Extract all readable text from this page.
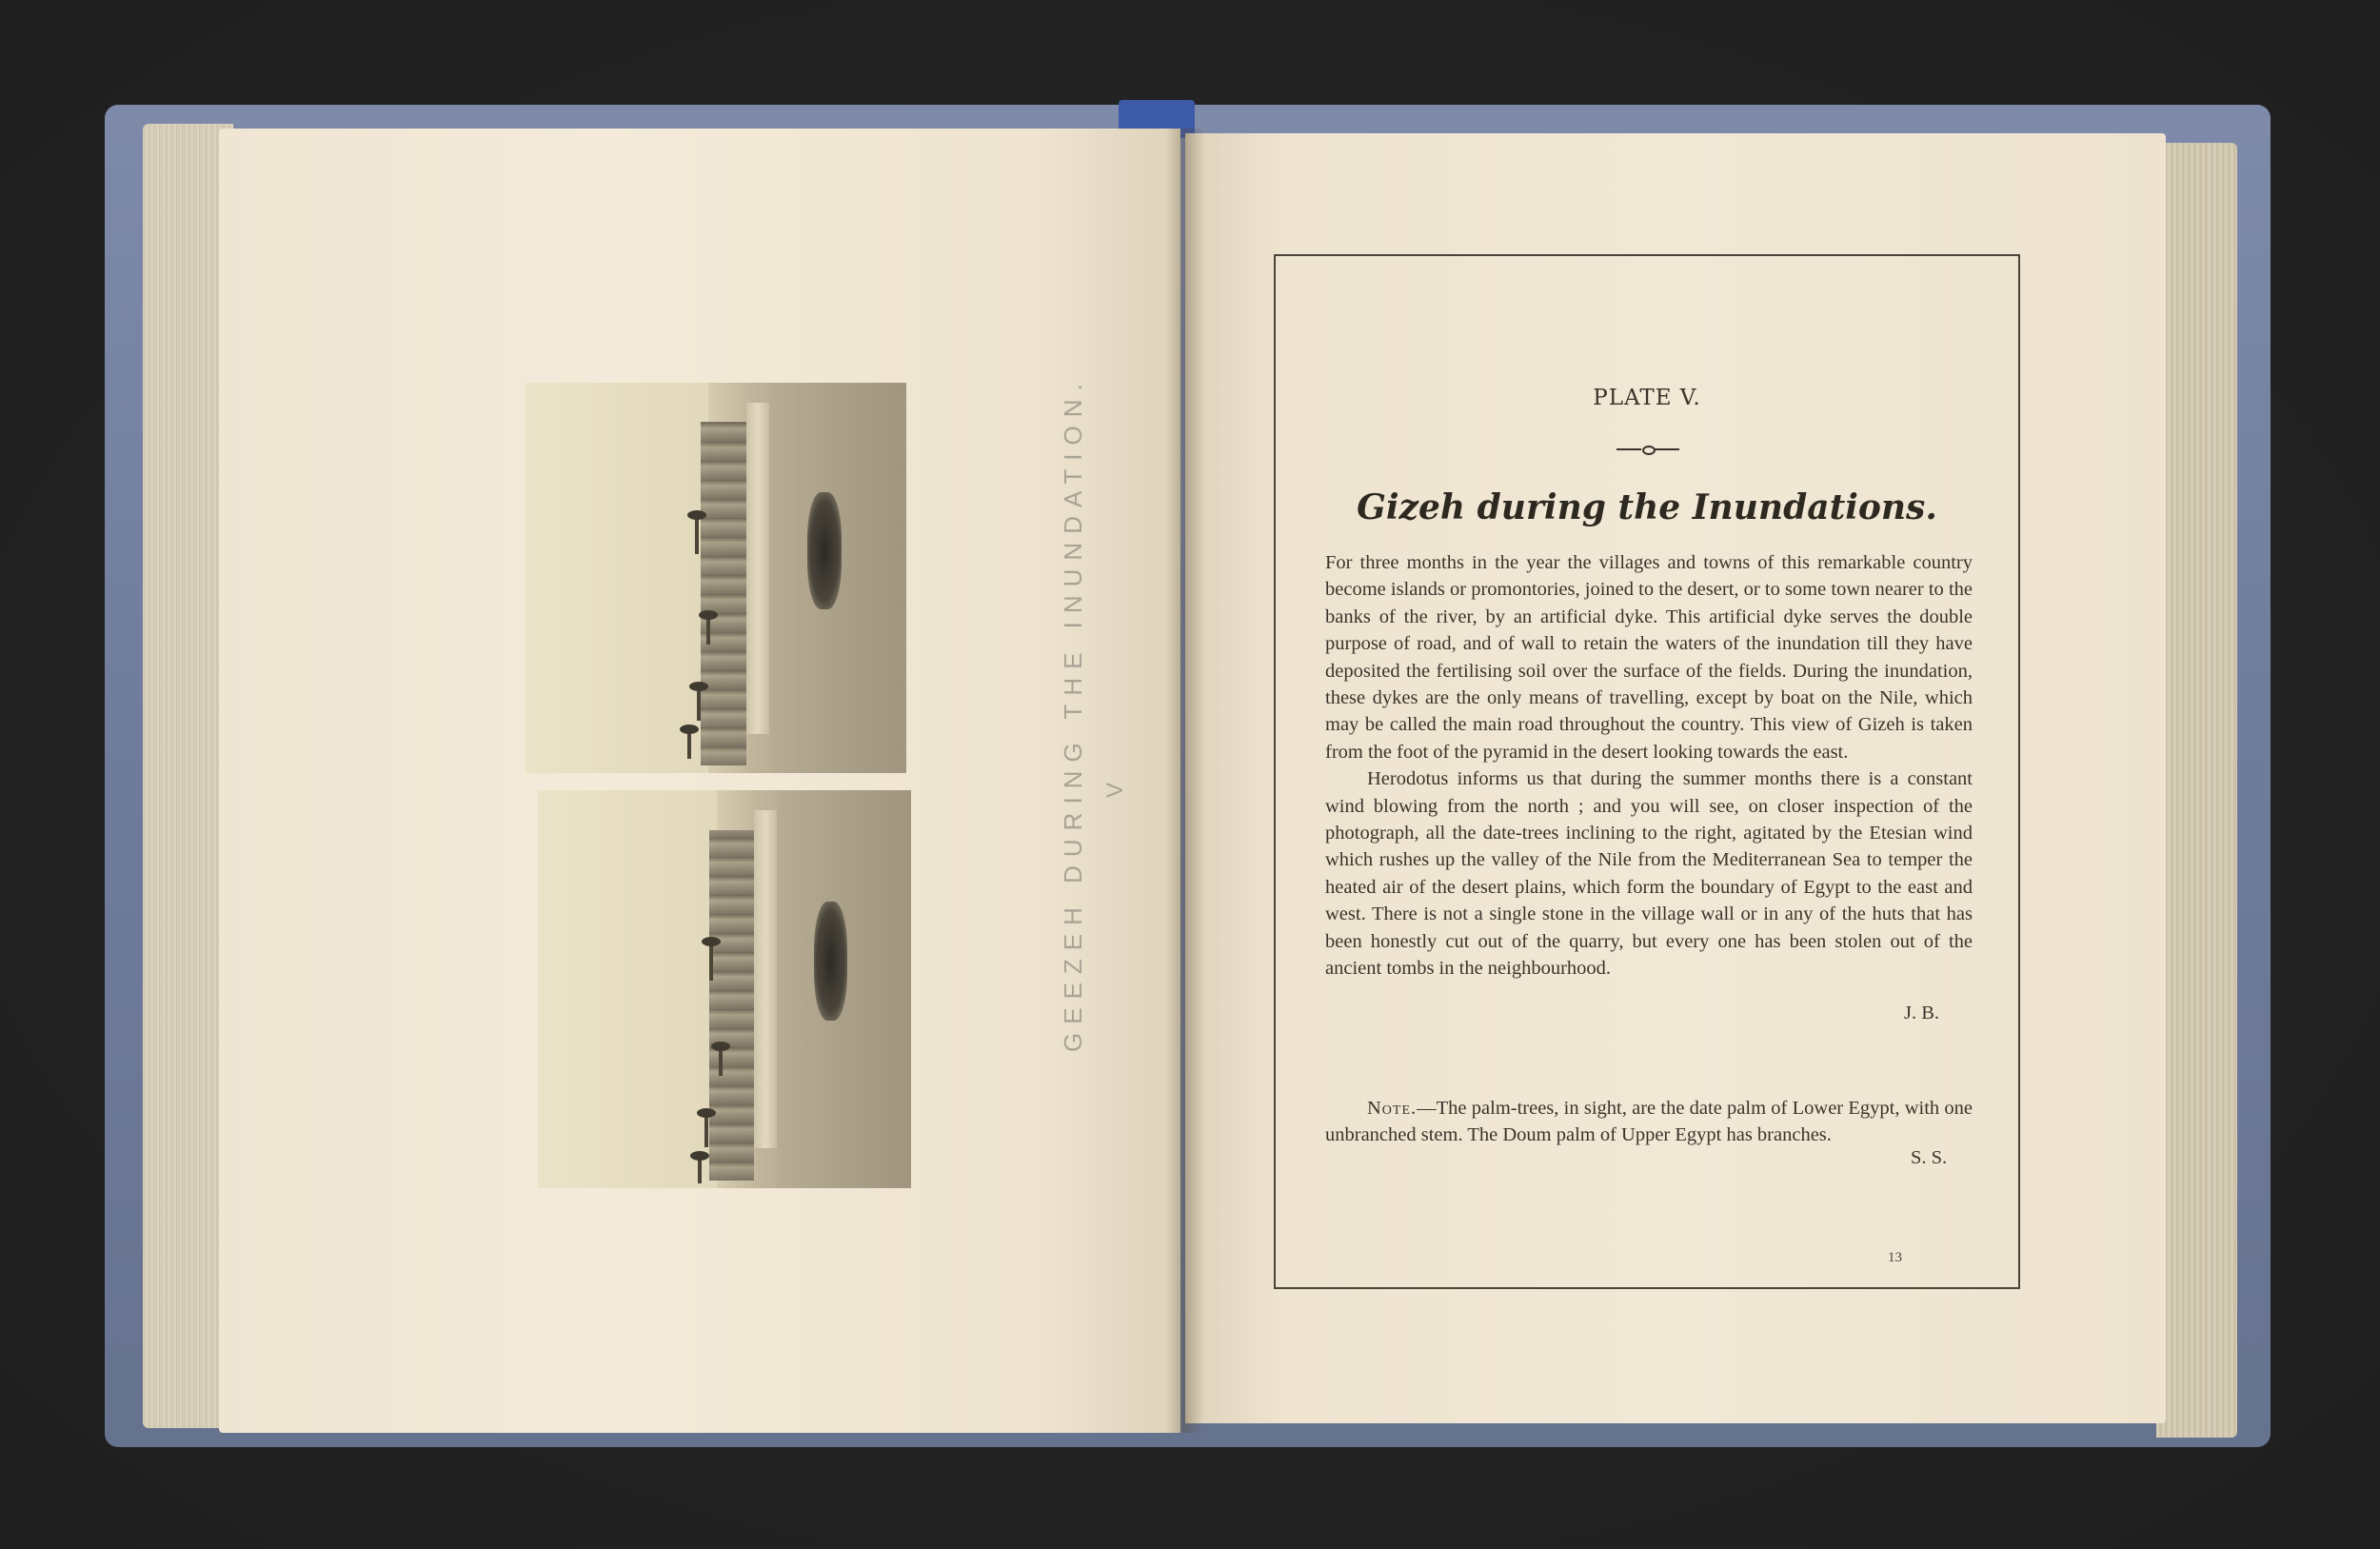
GEEZEH DURING THE INUNDATION. V
PLATE V.
Gizeh during the Inundations.

For three months in the year the villages and towns of this remarkable country become islands or promontories, joined to the desert, or to some town nearer to the banks of the river, by an artificial dyke. This artificial dyke serves the double purpose of road, and of wall to retain the waters of the inundation till they have deposited the fertilising soil over the surface of the fields. During the inundation, these dykes are the only means of travelling, except by boat on the Nile, which may be called the main road throughout the country. This view of Gizeh is taken from the foot of the pyramid in the desert looking towards the east.

Herodotus informs us that during the summer months there is a constant wind blowing from the north ; and you will see, on closer inspection of the photograph, all the date-trees inclining to the right, agitated by the Etesian wind which rushes up the valley of the Nile from the Mediterranean Sea to temper the heated air of the desert plains, which form the boundary of Egypt to the east and west. There is not a single stone in the village wall or in any of the huts that has been honestly cut out of the quarry, but every one has been stolen out of the ancient tombs in the neighbourhood.

J. B.
Note.—The palm-trees, in sight, are the date palm of Lower Egypt, with one unbranched stem. The Doum palm of Upper Egypt has branches.
S. S.
13
